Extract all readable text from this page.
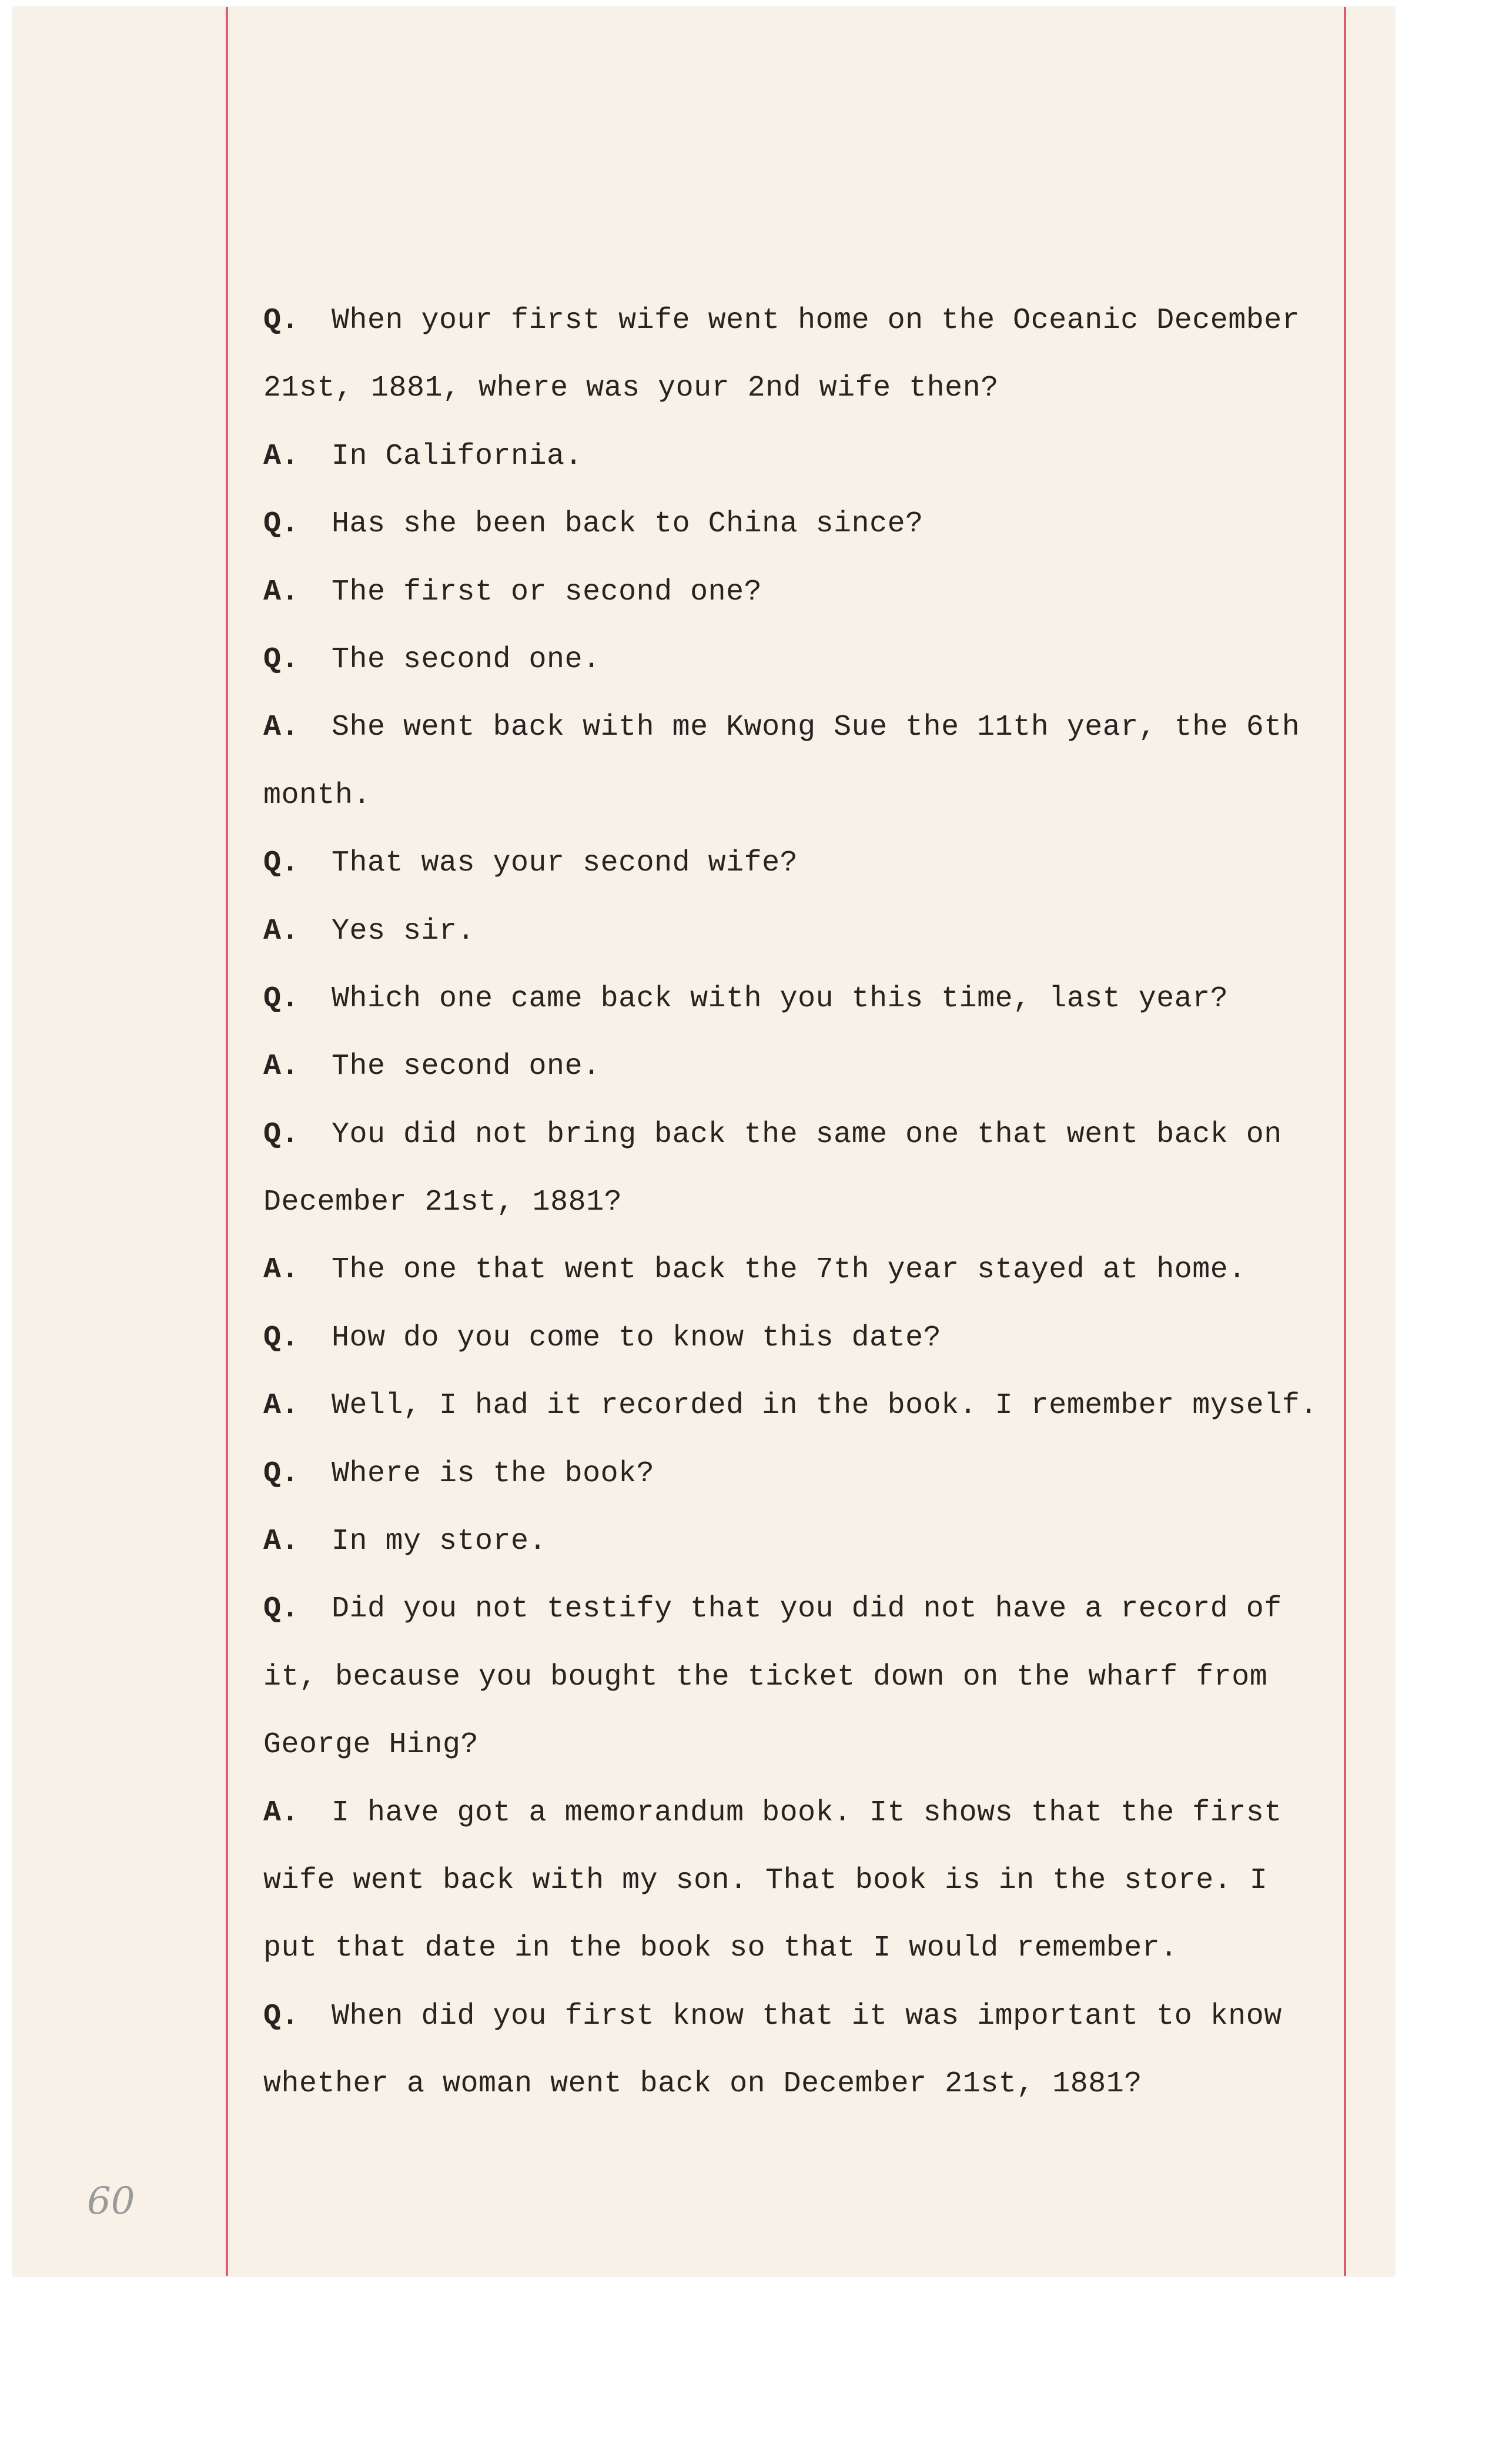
Q. When your first wife went home on the Oceanic December
21st, 1881, where was your 2nd wife then?
A. In California.
Q. Has she been back to China since?
A. The first or second one?
Q. The second one.
A. She went back with me Kwong Sue the 11th year, the 6th
month.
Q. That was your second wife?
A. Yes sir.
Q. Which one came back with you this time, last year?
A. The second one.
Q. You did not bring back the same one that went back on
December 21st, 1881?
A. The one that went back the 7th year stayed at home.
Q. How do you come to know this date?
A. Well, I had it recorded in the book. I remember myself.
Q. Where is the book?
A. In my store.
Q. Did you not testify that you did not have a record of
it, because you bought the ticket down on the wharf from
George Hing?
A. I have got a memorandum book. It shows that the first
wife went back with my son. That book is in the store. I
put that date in the book so that I would remember.
Q. When did you first know that it was important to know
whether a woman went back on December 21st, 1881?
60
